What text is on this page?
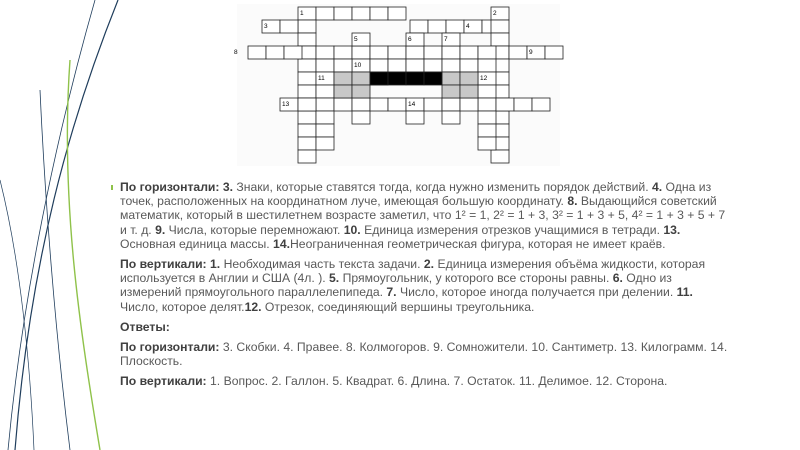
1	2
3	4
5	6	7
8	9
10
11	12
13	14

По горизонтали: 3. Знаки, которые ставятся тогда, когда нужно изменить порядок действий. 4. Одна из точек, расположенных на координатном луче, имеющая большую координату. 8. Выдающийся советский математик, который в шестилетнем возрасте заметил, что 1² = 1, 2² = 1 + 3, 3² = 1 + 3 + 5, 4² = 1 + 3 + 5 + 7 и т. д. 9. Числа, которые перемножают. 10. Единица измерения отрезков учащимися в тетради. 13. Основная единица массы. 14.Неограниченная геометрическая фигура, которая не имеет краёв.

По вертикали: 1. Необходимая часть текста задачи. 2. Единица измерения объёма жидкости, которая используется в Англии и США (4л. ). 5. Прямоугольник, у которого все стороны равны. 6. Одно из измерений прямоугольного параллелепипеда. 7. Число, которое иногда получается при делении. 11. Число, которое делят.12. Отрезок, соединяющий вершины треугольника.

Ответы:

По горизонтали: 3. Скобки. 4. Правее. 8. Колмогоров. 9. Сомножители. 10. Сантиметр. 13. Килограмм. 14. Плоскость.

По вертикали: 1. Вопрос. 2. Галлон. 5. Квадрат. 6. Длина. 7. Остаток. 11. Делимое. 12. Сторона.
